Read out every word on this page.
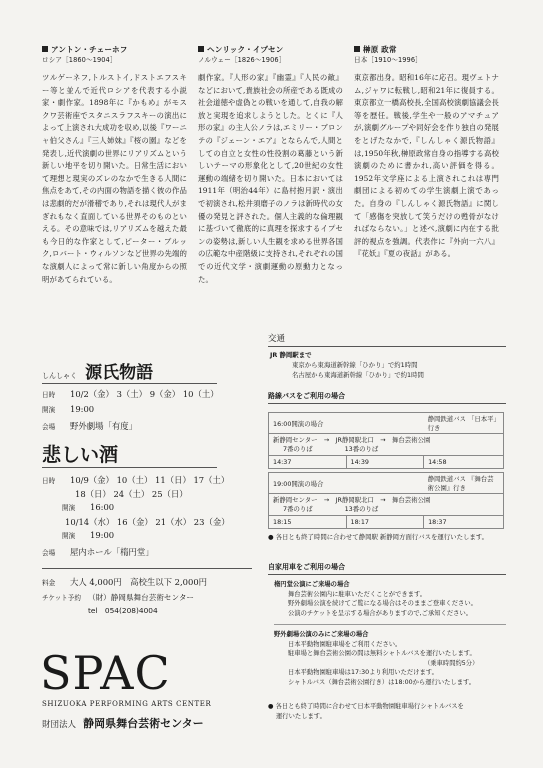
アントン・チェーホフ
ロシア［1860〜1904］
ツルゲーネフ,トルストイ,ドストエフスキー等と並んで近代ロシアを代表する小説家・劇作家。1898年に『かもめ』がモスクワ芸術座でスタニスラフスキーの演出によって上演され大成功を収め,以後『ワーニャ伯父さん』『三人姉妹』『桜の園』などを発表し,近代演劇の世界にリアリズムという新しい地平を切り開いた。日常生活において理想と現実のズレのなかで生きる人間に焦点をあて,その内面の物語を描く彼の作品は悲劇的だが滑稽であり,それは現代人がまぎれもなく直面している世界そのものといえる。その意味では,リアリズムを越えた最も今日的な作家として,ピーター・ブルック,ロバート・ウィルソンなど世界の先端的な演劇人によって常に新しい角度からの照明があてられている。
ヘンリック・イプセン
ノルウェー［1826〜1906］
劇作家。『人形の家』『幽霊』『人民の敵』などにおいて,貴族社会の所産である既成の社会道徳や虚偽との戦いを通して,自我の解放と実現を追求しようとした。とくに『人形の家』の主人公ノラは,エミリー・ブロンテの『ジェーン・エア』とならんで,人間としての自立と女性の性役割の葛藤という新しいテーマの形象化として,20世紀の女性運動の端緒を切り開いた。日本においては1911年（明治44年）に島村抱月訳・演出で初演され,松井須磨子のノラは新時代の女優の発見と評された。個人主義的な倫理観に基づいて徹底的に真理を探求するイプセンの姿勢は,新しい人生観を求める世界各国の広範な中産階級に支持され,それぞれの国での近代文学・演劇運動の原動力となった。
榊原 政常
日本［1910〜1996］
東京都出身。昭和16年に応召。現ヴェトナム,ジャワに転戦し,昭和21年に復員する。東京都立一橋高校長,全国高校演劇協議会長等を歴任。戦後,学生や一般のアマチュアが,演劇グループや同好会を作り独自の発展をとげたなかで,『しんしゃく源氏物語』は,1950年秋,榊原政常自身の指導する高校演劇のために書かれ,高い評価を得る。1952年文学座による上演されこれは専門劇団による初めての学生演劇上演であった。自身の『しんしゃく源氏物語』に関して「感傷を突放して笑うだけの甦骨がなければならない。」と述べ,演劇に内在する批評的視点を強調。代表作に『外向一六八』『花妖』『夏の夜話』がある。
しんしゃく 源氏物語
日時	10/2（金） 3（土） 9（金） 10（土）
開演	19:00
会場	野外劇場「有度」
悲しい酒
日時	10/9（金） 10（土） 11（日） 17（土）
18（日） 24（土） 25（日）
開演	16:00
10/14（水） 16（金） 21（水） 23（金）
開演	19:00
会場	屋内ホール「楕円堂」
料金	大人 4,000円　高校生以下 2,000円
チケット予約 （財）静岡県舞台芸術センター
tel　054(208)4004
SPAC
SHIZUOKA PERFORMING ARTS CENTER
財団法人 静岡県舞台芸術センター
交通
JR 静岡駅まで
東京から東海道新幹線「ひかり」で約1時間
名古屋から東海道新幹線「ひかり」で約1時間
路線バスをご利用の場合
16:00開演の場合		静岡鉄道バス 「日本平」行き

新静岡センター　→　JR静岡駅北口　→　舞台芸術公園
7番のりば　　　　　13番のりば		

14:37	14:39	14:58
19:00開演の場合		静岡鉄道バス 『舞台芸術公園』行き

新静岡センター　→　JR静岡駅北口　→　舞台芸術公園
7番のりば　　　　　13番のりば		

18:15	18:17	18:37
● 各日とも終了時間に合わせて静岡駅 新静岡方面行バスを運行いたします。
自家用車をご利用の場合
楕円堂公演にご来場の場合
舞台芸術公園内に駐車いただくことができます。
野外劇場公演を続けてご覧になる場合はそのままご登車ください。
公演のチケットを呈示する場合がありますので,ご承知ください。
野外劇場公演のみにご来場の場合
日本平動物園駐車場をご利用ください。
駐車場と舞台芸術公園の間は無料シャトルバスを運行いたします。
（乗車時間約5分）
日本平動物園駐車場は17:30より利用いただけます。
シャトルバス（舞台芸術公園行き）は18:00から運行いたします。
● 各日とも終了時間に合わせて日本平動物園駐車場行シャトルバスを
運行いたします。
